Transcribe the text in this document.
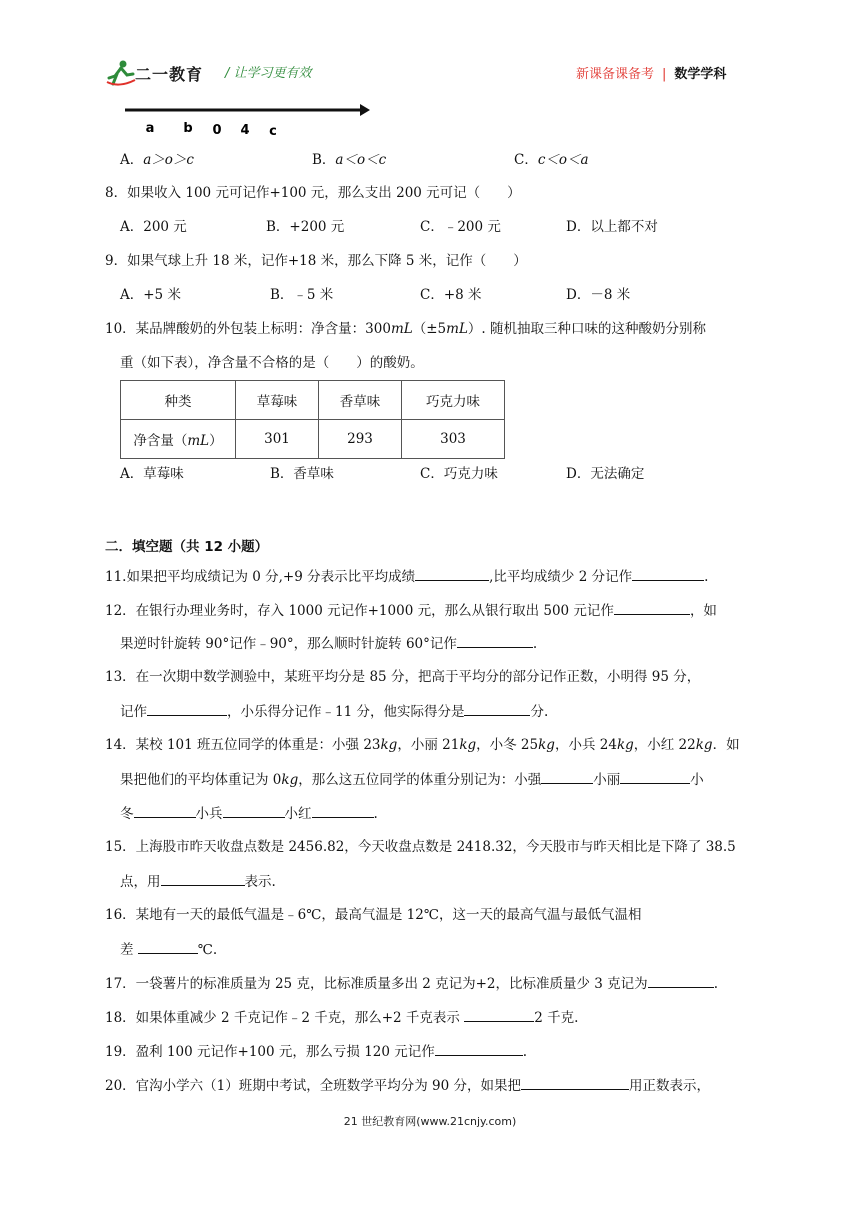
二一教育 / 让学习更有效	新课备课备考 | 数学学科
a b 0 4 c
A．a＞o＞c	B．a＜o＜c	C．c＜o＜a
8．如果收入 100 元可记作+100 元，那么支出 200 元可记（　　）
A．200 元	B．+200 元	C．﹣200 元	D．以上都不对
9．如果气球上升 18 米，记作+18 米，那么下降 5 米，记作（　　）
A．+5 米	B．﹣5 米	C．+8 米	D．－8 米
10．某品牌酸奶的外包装上标明：净含量：300mL（±5mL）. 随机抽取三种口味的这种酸奶分别称
重（如下表），净含量不合格的是（　　）的酸奶。
种类	草莓味	香草味	巧克力味
净含量（mL）	301	293	303
A．草莓味	B．香草味	C．巧克力味	D．无法确定
二．填空题（共 12 小题）
11.如果把平均成绩记为 0 分,+9 分表示比平均成绩	,比平均成绩少 2 分记作	.
12．在银行办理业务时，存入 1000 元记作+1000 元，那么从银行取出 500 元记作	，如
果逆时针旋转 90°记作﹣90°，那么顺时针旋转 60°记作	.
13．在一次期中数学测验中，某班平均分是 85 分，把高于平均分的部分记作正数，小明得 95 分，
记作	，小乐得分记作﹣11 分，他实际得分是	分.
14．某校 101 班五位同学的体重是：小强 23kg，小丽 21kg，小冬 25kg，小兵 24kg，小红 22kg．如
果把他们的平均体重记为 0kg，那么这五位同学的体重分别记为：小强	小丽	小
冬	小兵	小红	.
15．上海股市昨天收盘点数是 2456.82，今天收盘点数是 2418.32，今天股市与昨天相比是下降了 38.5
点，用	表示.
16．某地有一天的最低气温是﹣6℃，最高气温是 12℃，这一天的最高气温与最低气温相
差	℃.
17．一袋薯片的标准质量为 25 克，比标准质量多出 2 克记为+2，比标准质量少 3 克记为	.
18．如果体重减少 2 千克记作﹣2 千克，那么+2 千克表示	2 千克.
19．盈利 100 元记作+100 元，那么亏损 120 元记作	.
20．官沟小学六（1）班期中考试，全班数学平均分为 90 分，如果把	用正数表示，
21 世纪教育网(www.21cnjy.com)
